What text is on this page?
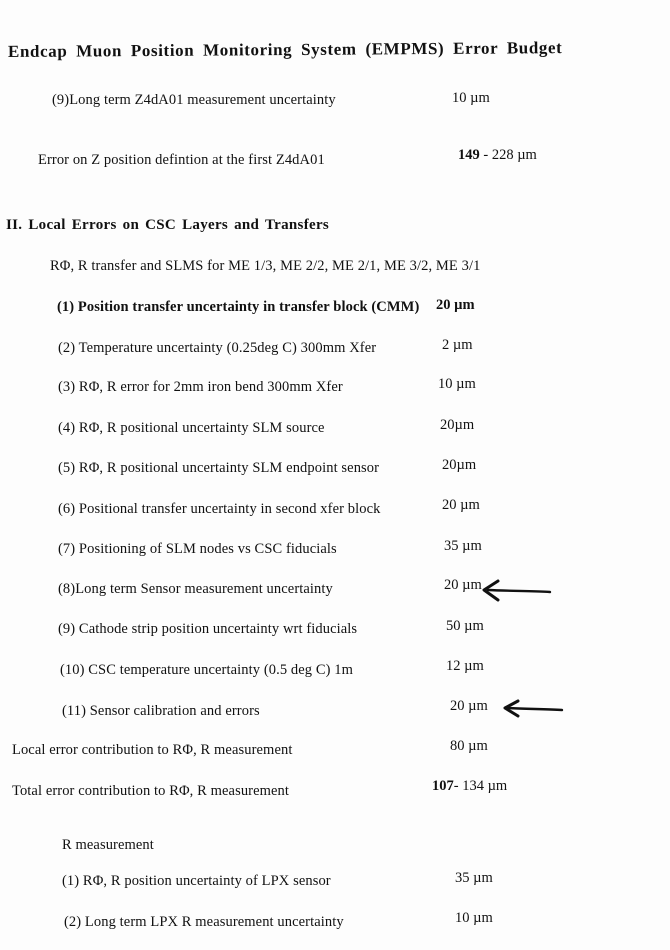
Endcap Muon Position Monitoring System (EMPMS) Error Budget
(9)Long term Z4dA01 measurement uncertainty	10 µm
Error on Z position defintion at the first Z4dA01	149 - 228 µm
II. Local Errors on CSC Layers and Transfers
RΦ, R transfer and SLMS for ME 1/3, ME 2/2, ME 2/1, ME 3/2, ME 3/1
(1) Position transfer uncertainty in transfer block (CMM) 20 µm
(2) Temperature uncertainty (0.25deg C) 300mm Xfer	2 µm
(3) RΦ, R error for 2mm iron bend 300mm Xfer	10 µm
(4) RΦ, R positional uncertainty SLM source	20µm
(5) RΦ, R positional uncertainty SLM endpoint sensor	20µm
(6) Positional transfer uncertainty in second xfer block	20 µm
(7) Positioning of SLM nodes vs CSC fiducials	35 µm
(8)Long term Sensor measurement uncertainty	20 µm
(9) Cathode strip position uncertainty wrt fiducials	50 µm
(10) CSC temperature uncertainty (0.5 deg C) 1m	12 µm
(11) Sensor calibration and errors	20 µm
Local error contribution to RΦ, R measurement	80 µm
Total error contribution to RΦ, R measurement	107- 134 µm
R measurement
(1) RΦ, R position uncertainty of LPX sensor	35 µm
(2) Long term LPX R measurement uncertainty	10 µm
